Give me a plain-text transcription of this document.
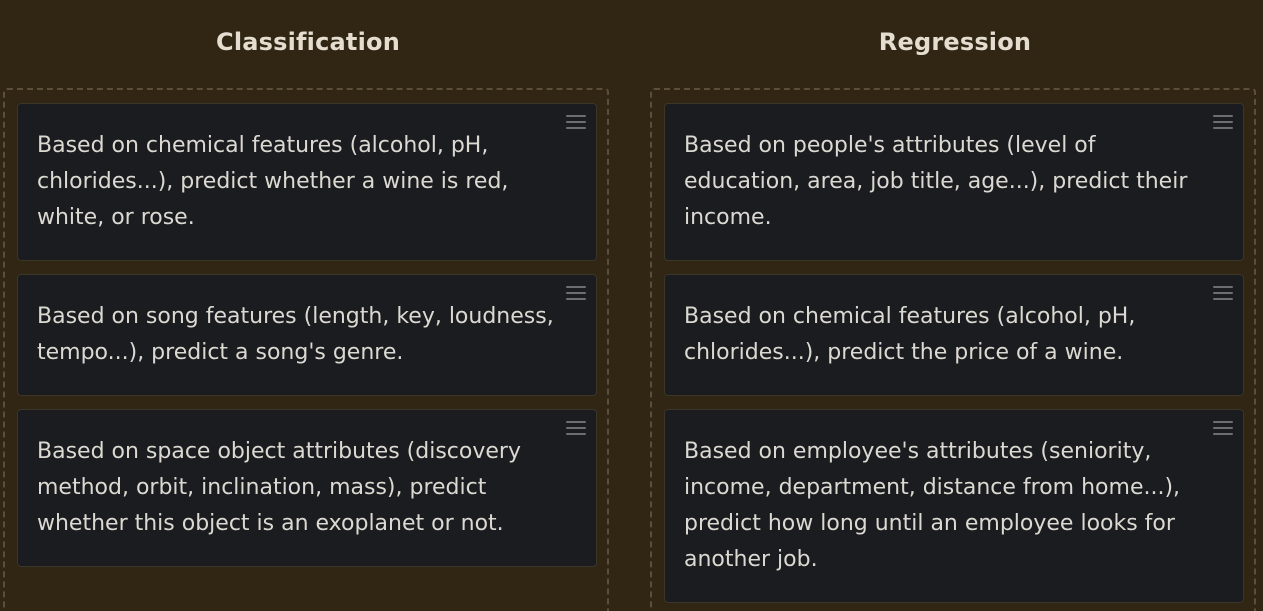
Classification
Based on chemical features (alcohol, pH, chlorides...), predict whether a wine is red, white, or rose.
Based on song features (length, key, loudness, tempo...), predict a song's genre.
Based on space object attributes (discovery method, orbit, inclination, mass), predict whether this object is an exoplanet or not.
Regression
Based on people's attributes (level of education, area, job title, age...), predict their income.
Based on chemical features (alcohol, pH, chlorides...), predict the price of a wine.
Based on employee's attributes (seniority, income, department, distance from home...), predict how long until an employee looks for another job.
